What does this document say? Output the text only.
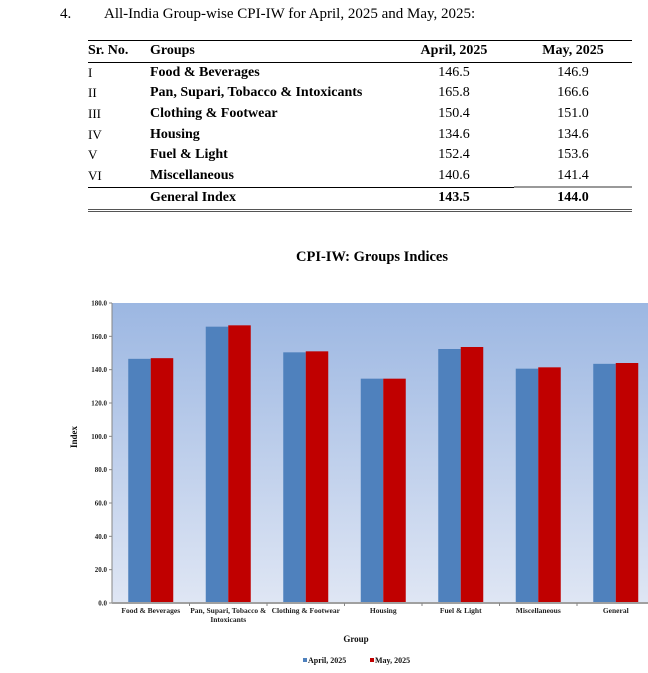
4. All-India Group-wise CPI-IW for April, 2025 and May, 2025:
Sr. No.	Groups	April, 2025	May, 2025
I	Food & Beverages	146.5	146.9
II	Pan, Supari, Tobacco & Intoxicants	165.8	166.6
III	Clothing & Footwear	150.4	151.0
IV	Housing	134.6	134.6
V	Fuel & Light	152.4	153.6
VI	Miscellaneous	140.6	141.4
	General Index	143.5	144.0
CPI-IW: Groups Indices
0.0
20.0
40.0
60.0
80.0
100.0
120.0
140.0
160.0
180.0
Food & Beverages Pan, Supari, Tobacco &
Intoxicants
Clothing & Footwear	Housing	Fuel & Light	Miscellaneous	General
Index
Group
April, 2025	May, 2025
